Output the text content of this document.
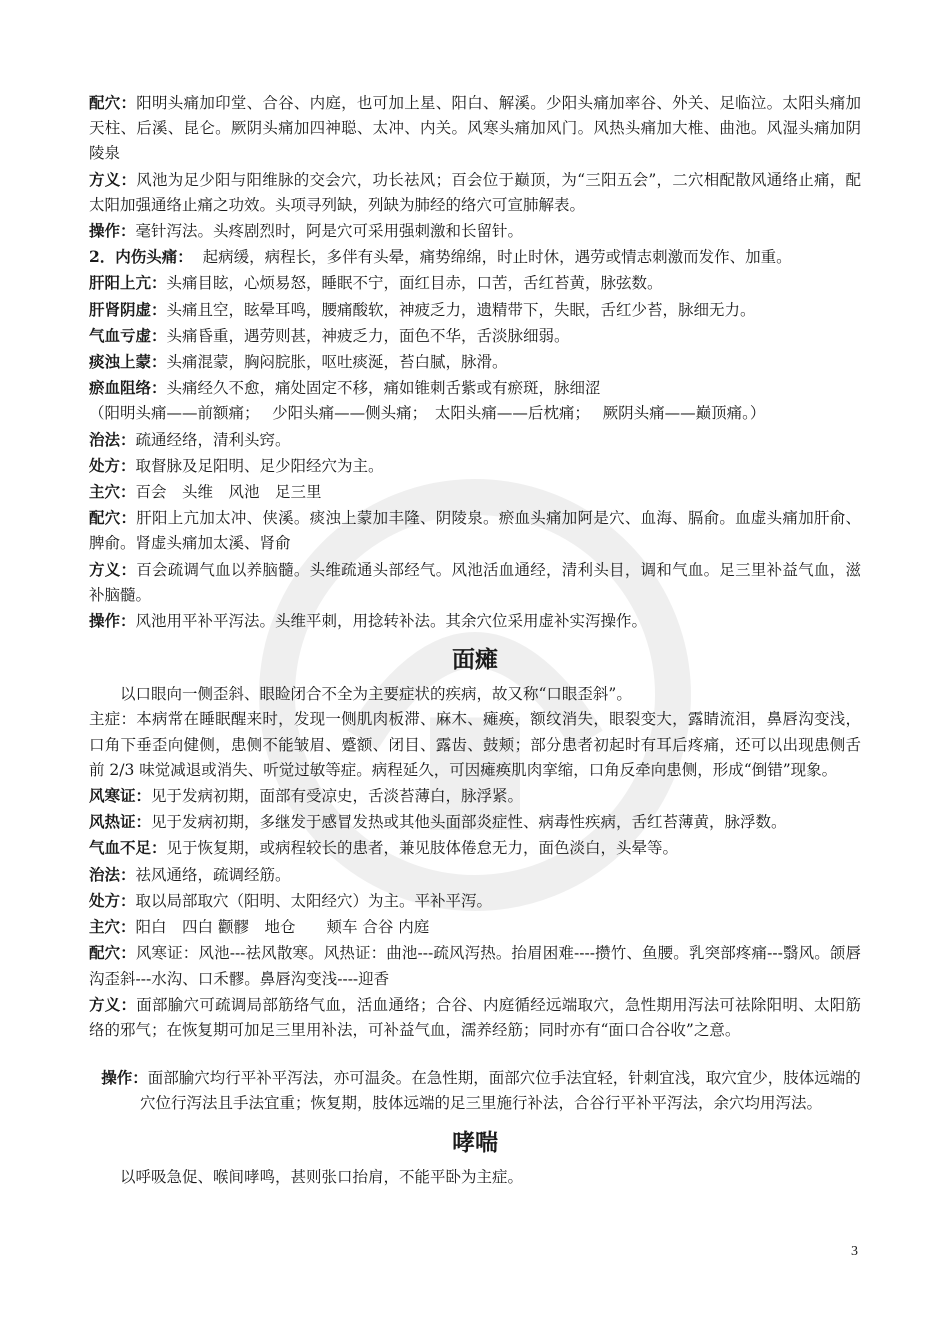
配穴：阳明头痛加印堂、合谷、内庭，也可加上星、阳白、解溪。少阳头痛加率谷、外关、足临泣。太阳头痛加天柱、后溪、昆仑。厥阴头痛加四神聪、太冲、内关。风寒头痛加风门。风热头痛加大椎、曲池。风湿头痛加阴陵泉

方义：风池为足少阳与阳维脉的交会穴，功长祛风；百会位于巅顶，为“三阳五会”，二穴相配散风通络止痛，配太阳加强通络止痛之功效。头项寻列缺，列缺为肺经的络穴可宣肺解表。

操作：毫针泻法。头疼剧烈时，阿是穴可采用强刺激和长留针。

2．内伤头痛： 起病缓，病程长，多伴有头晕，痛势绵绵，时止时休，遇劳或情志刺激而发作、加重。

肝阳上亢：头痛目眩，心烦易怒，睡眠不宁，面红目赤，口苦，舌红苔黄，脉弦数。

肝肾阴虚：头痛且空，眩晕耳鸣，腰痛酸软，神疲乏力，遗精带下，失眠，舌红少苔，脉细无力。

气血亏虚：头痛昏重，遇劳则甚，神疲乏力，面色不华，舌淡脉细弱。

痰浊上蒙：头痛混蒙，胸闷脘胀，呕吐痰涎，苔白腻，脉滑。

瘀血阻络：头痛经久不愈，痛处固定不移，痛如锥刺舌紫或有瘀斑，脉细涩

（阳明头痛——前额痛；　 少阳头痛——侧头痛；　太阳头痛——后枕痛；　 厥阴头痛——巅顶痛。）

治法：疏通经络，清利头窍。

处方：取督脉及足阳明、足少阳经穴为主。

主穴：百会　头维　风池　足三里

配穴：肝阳上亢加太冲、侠溪。痰浊上蒙加丰隆、阴陵泉。瘀血头痛加阿是穴、血海、膈俞。血虚头痛加肝俞、脾俞。肾虚头痛加太溪、肾俞

方义：百会疏调气血以养脑髓。头维疏通头部经气。风池活血通经，清利头目，调和气血。足三里补益气血，滋补脑髓。

操作：风池用平补平泻法。头维平刺，用捻转补法。其余穴位采用虚补实泻操作。

面瘫

以口眼向一侧歪斜、眼睑闭合不全为主要症状的疾病，故又称“口眼歪斜”。

主症：本病常在睡眠醒来时，发现一侧肌肉板滞、麻木、瘫痪，额纹消失，眼裂变大，露睛流泪，鼻唇沟变浅，口角下垂歪向健侧，患侧不能皱眉、蹙额、闭目、露齿、鼓颊；部分患者初起时有耳后疼痛，还可以出现患侧舌前 2/3 味觉减退或消失、听觉过敏等症。病程延久，可因瘫痪肌肉挛缩，口角反牵向患侧，形成“倒错”现象。

风寒证：见于发病初期，面部有受凉史，舌淡苔薄白，脉浮紧。

风热证：见于发病初期，多继发于感冒发热或其他头面部炎症性、病毒性疾病，舌红苔薄黄，脉浮数。

气血不足：见于恢复期，或病程较长的患者，兼见肢体倦怠无力，面色淡白，头晕等。

治法：祛风通络，疏调经筋。

处方：取以局部取穴（阳明、太阳经穴）为主。平补平泻。

主穴：阳白　四白 颧髎　地仓　　颊车 合谷 内庭

配穴：风寒证：风池---祛风散寒。风热证：曲池---疏风泻热。抬眉困难----攒竹、鱼腰。乳突部疼痛---翳风。颌唇沟歪斜---水沟、口禾髎。鼻唇沟变浅----迎香

方义：面部腧穴可疏调局部筋络气血，活血通络；合谷、内庭循经远端取穴，急性期用泻法可祛除阳明、太阳筋络的邪气；在恢复期可加足三里用补法，可补益气血，濡养经筋；同时亦有“面口合谷收”之意。

操作：面部腧穴均行平补平泻法，亦可温灸。在急性期，面部穴位手法宜轻，针刺宜浅，取穴宜少，肢体远端的穴位行泻法且手法宜重；恢复期，肢体远端的足三里施行补法，合谷行平补平泻法，余穴均用泻法。

哮喘

以呼吸急促、喉间哮鸣，甚则张口抬肩，不能平卧为主症。

3
